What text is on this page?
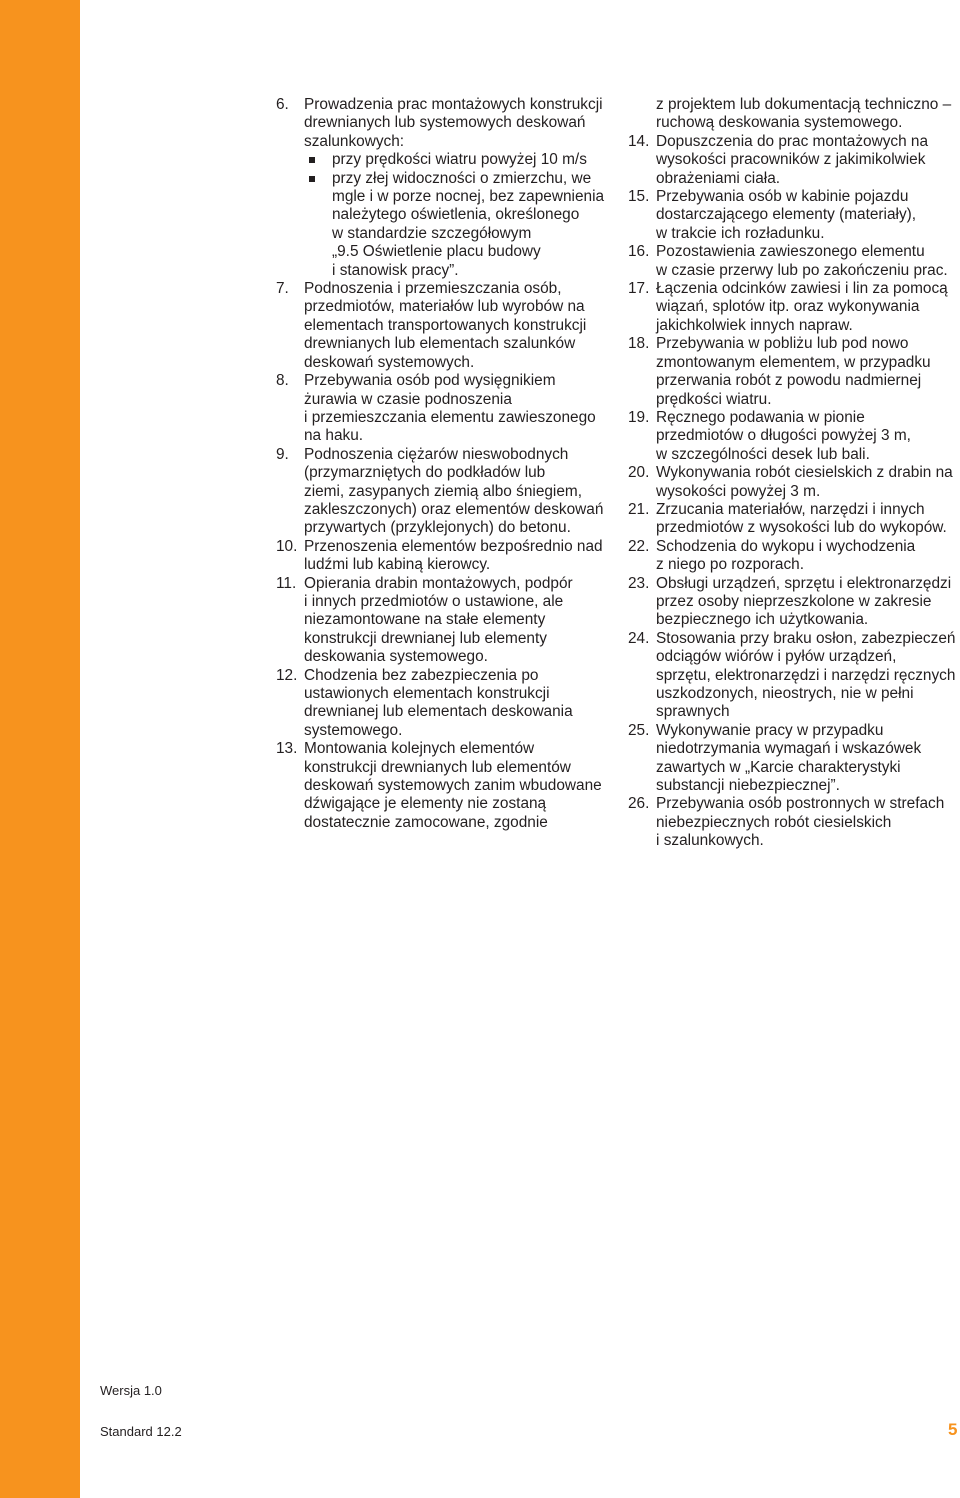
6. Prowadzenia prac montażowych konstrukcji
drewnianych lub systemowych deskowań
szalunkowych:
przy prędkości wiatru powyżej 10 m/s
przy złej widoczności o zmierzchu, we
mgle i w porze nocnej, bez zapewnienia
należytego oświetlenia, określonego
w standardzie szczegółowym
„9.5 Oświetlenie placu budowy
i stanowisk pracy”.
7. Podnoszenia i przemieszczania osób,
przedmiotów, materiałów lub wyrobów na
elementach transportowanych konstrukcji
drewnianych lub elementach szalunków
deskowań systemowych.
8. Przebywania osób pod wysięgnikiem
żurawia w czasie podnoszenia
i przemieszczania elementu zawieszonego
na haku.
9. Podnoszenia ciężarów nieswobodnych
(przymarzniętych do podkładów lub
ziemi, zasypanych ziemią albo śniegiem,
zakleszczonych) oraz elementów deskowań
przywartych (przyklejonych) do betonu.
10. Przenoszenia elementów bezpośrednio nad
ludźmi lub kabiną kierowcy.
11. Opierania drabin montażowych, podpór
i innych przedmiotów o ustawione, ale
niezamontowane na stałe elementy
konstrukcji drewnianej lub elementy
deskowania systemowego.
12. Chodzenia bez zabezpieczenia po
ustawionych elementach konstrukcji
drewnianej lub elementach deskowania
systemowego.
13. Montowania kolejnych elementów
konstrukcji drewnianych lub elementów
deskowań systemowych zanim wbudowane
dźwigające je elementy nie zostaną
dostatecznie zamocowane, zgodnie
z projektem lub dokumentacją techniczno –
ruchową deskowania systemowego.
14. Dopuszczenia do prac montażowych na
wysokości pracowników z jakimikolwiek
obrażeniami ciała.
15. Przebywania osób w kabinie pojazdu
dostarczającego elementy (materiały),
w trakcie ich rozładunku.
16. Pozostawienia zawieszonego elementu
w czasie przerwy lub po zakończeniu prac.
17. Łączenia odcinków zawiesi i lin za pomocą
wiązań, splotów itp. oraz wykonywania
jakichkolwiek innych napraw.
18. Przebywania w pobliżu lub pod nowo
zmontowanym elementem, w przypadku
przerwania robót z powodu nadmiernej
prędkości wiatru.
19. Ręcznego podawania w pionie
przedmiotów o długości powyżej 3 m,
w szczególności desek lub bali.
20. Wykonywania robót ciesielskich z drabin na
wysokości powyżej 3 m.
21. Zrzucania materiałów, narzędzi i innych
przedmiotów z wysokości lub do wykopów.
22. Schodzenia do wykopu i wychodzenia
z niego po rozporach.
23. Obsługi urządzeń, sprzętu i elektronarzędzi
przez osoby nieprzeszkolone w zakresie
bezpiecznego ich użytkowania.
24. Stosowania przy braku osłon, zabezpieczeń
odciągów wiórów i pyłów urządzeń,
sprzętu, elektronarzędzi i narzędzi ręcznych
uszkodzonych, nieostrych, nie w pełni
sprawnych
25. Wykonywanie pracy w przypadku
niedotrzymania wymagań i wskazówek
zawartych w „Karcie charakterystyki
substancji niebezpiecznej”.
26. Przebywania osób postronnych w strefach
niebezpiecznych robót ciesielskich
i szalunkowych.
Wersja 1.0
Standard 12.2	5
